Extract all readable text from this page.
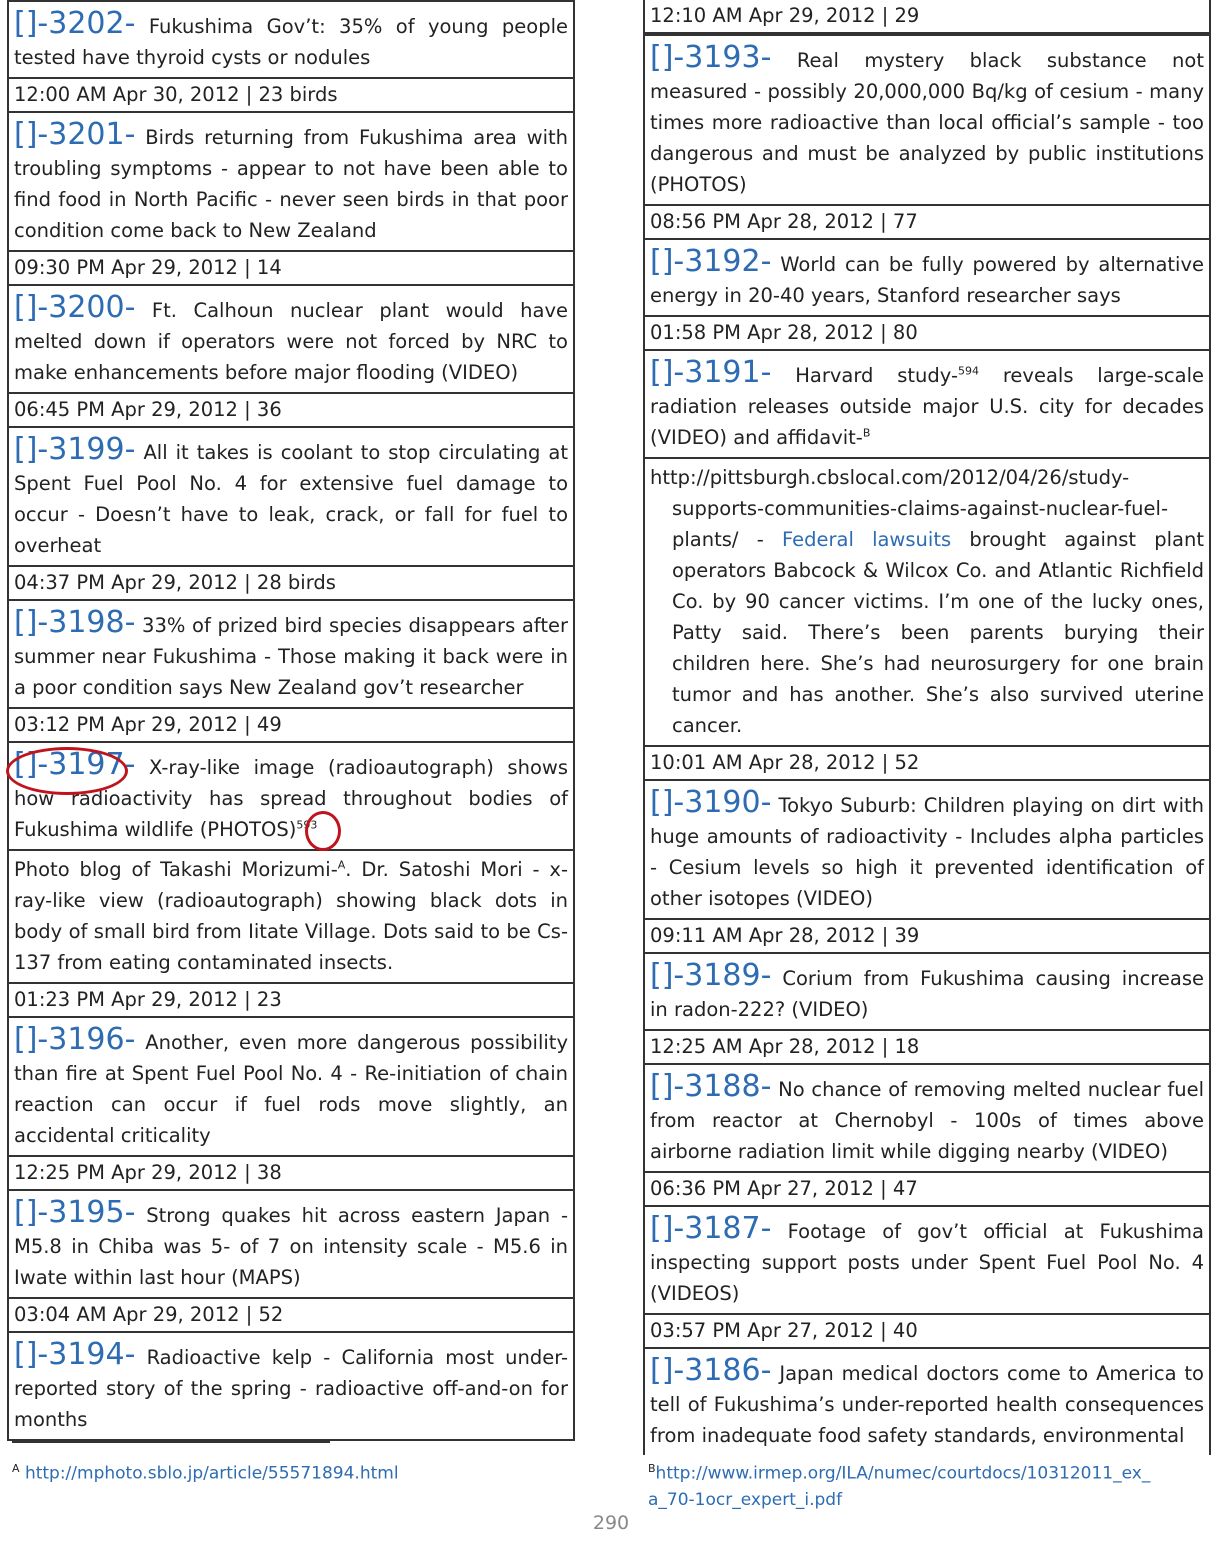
[]-3202- Fukushima Gov’t: 35% of young people tested have thyroid cysts or nodules
12:00 AM Apr 30, 2012 | 23 birds
[]-3201- Birds returning from Fukushima area with troubling symptoms - appear to not have been able to find food in North Pacific - never seen birds in that poor condition come back to New Zealand
09:30 PM Apr 29, 2012 | 14
[]-3200- Ft. Calhoun nuclear plant would have melted down if operators were not forced by NRC to make enhancements before major flooding (VIDEO)
06:45 PM Apr 29, 2012 | 36
[]-3199- All it takes is coolant to stop circulating at Spent Fuel Pool No. 4 for extensive fuel damage to occur - Doesn’t have to leak, crack, or fall for fuel to overheat
04:37 PM Apr 29, 2012 | 28 birds
[]-3198- 33% of prized bird species disappears after summer near Fukushima - Those making it back were in a poor condition says New Zealand gov’t researcher
03:12 PM Apr 29, 2012 | 49
[]-3197- X-ray-like image (radioautograph) shows how radioactivity has spread throughout bodies of Fukushima wildlife (PHOTOS)$^{593}$
Photo blog of Takashi Morizumi-$^A$. Dr. Satoshi Mori - x-ray-like view (radioautograph) showing black dots in body of small bird from Iitate Village. Dots said to be Cs-137 from eating contaminated insects.
01:23 PM Apr 29, 2012 | 23
[]-3196- Another, even more dangerous possibility than fire at Spent Fuel Pool No. 4 - Re-initiation of chain reaction can occur if fuel rods move slightly, an accidental criticality
12:25 PM Apr 29, 2012 | 38
[]-3195- Strong quakes hit across eastern Japan - M5.8 in Chiba was 5- of 7 on intensity scale - M5.6 in Iwate within last hour (MAPS)
03:04 AM Apr 29, 2012 | 52
[]-3194- Radioactive kelp - California most under-reported story of the spring - radioactive off-and-on for months
12:10 AM Apr 29, 2012 | 29
[]-3193- Real mystery black substance not measured - possibly 20,000,000 Bq/kg of cesium - many times more radioactive than local official’s sample - too dangerous and must be analyzed by public institutions (PHOTOS)
08:56 PM Apr 28, 2012 | 77
[]-3192- World can be fully powered by alternative energy in 20-40 years, Stanford researcher says
01:58 PM Apr 28, 2012 | 80
[]-3191- Harvard study-$^{594}$ reveals large-scale radiation releases outside major U.S. city for decades (VIDEO) and affidavit-$^B$
http://pittsburgh.cbslocal.com/2012/04/26/study-
supports-communities-claims-against-nuclear-fuel-plants/ - Federal lawsuits brought against plant operators Babcock & Wilcox Co. and Atlantic Richfield Co. by 90 cancer victims. I’m one of the lucky ones, Patty said. There’s been parents burying their children here. She’s had neurosurgery for one brain tumor and has another. She’s also survived uterine cancer.
10:01 AM Apr 28, 2012 | 52
[]-3190- Tokyo Suburb: Children playing on dirt with huge amounts of radioactivity - Includes alpha particles - Cesium levels so high it prevented identification of other isotopes (VIDEO)
09:11 AM Apr 28, 2012 | 39
[]-3189- Corium from Fukushima causing increase in radon-222? (VIDEO)
12:25 AM Apr 28, 2012 | 18
[]-3188- No chance of removing melted nuclear fuel from reactor at Chernobyl - 100s of times above airborne radiation limit while digging nearby (VIDEO)
06:36 PM Apr 27, 2012 | 47
[]-3187- Footage of gov’t official at Fukushima inspecting support posts under Spent Fuel Pool No. 4 (VIDEOS)
03:57 PM Apr 27, 2012 | 40
[]-3186- Japan medical doctors come to America to tell of Fukushima’s under-reported health consequences from inadequate food safety standards, environmental
$^A$ http://mphoto.sblo.jp/article/55571894.html	$^B$http://www.irmep.org/ILA/numec/courtdocs/10312011_ex_
a_70-1ocr_expert_i.pdf
290
